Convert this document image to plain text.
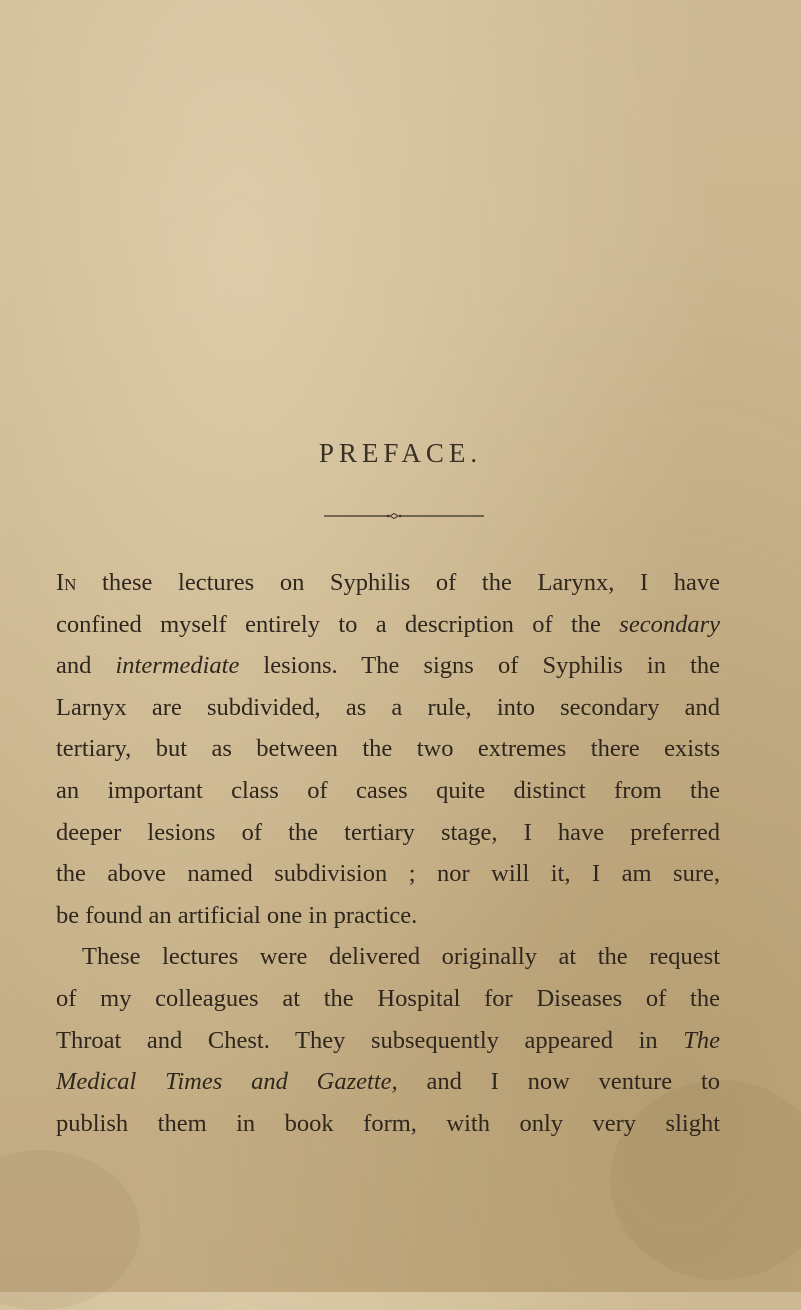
PREFACE.
In these lectures on Syphilis of the Larynx, I have
confined myself entirely to a description of the secondary
and intermediate lesions. The signs of Syphilis in the
Larnyx are subdivided, as a rule, into secondary and
tertiary, but as between the two extremes there exists
an important class of cases quite distinct from the
deeper lesions of the tertiary stage, I have preferred
the above named subdivision ; nor will it, I am sure,
be found an artificial one in practice.
These lectures were delivered originally at the request
of my colleagues at the Hospital for Diseases of the
Throat and Chest. They subsequently appeared in The
Medical Times and Gazette, and I now venture to
publish them in book form, with only very slight
